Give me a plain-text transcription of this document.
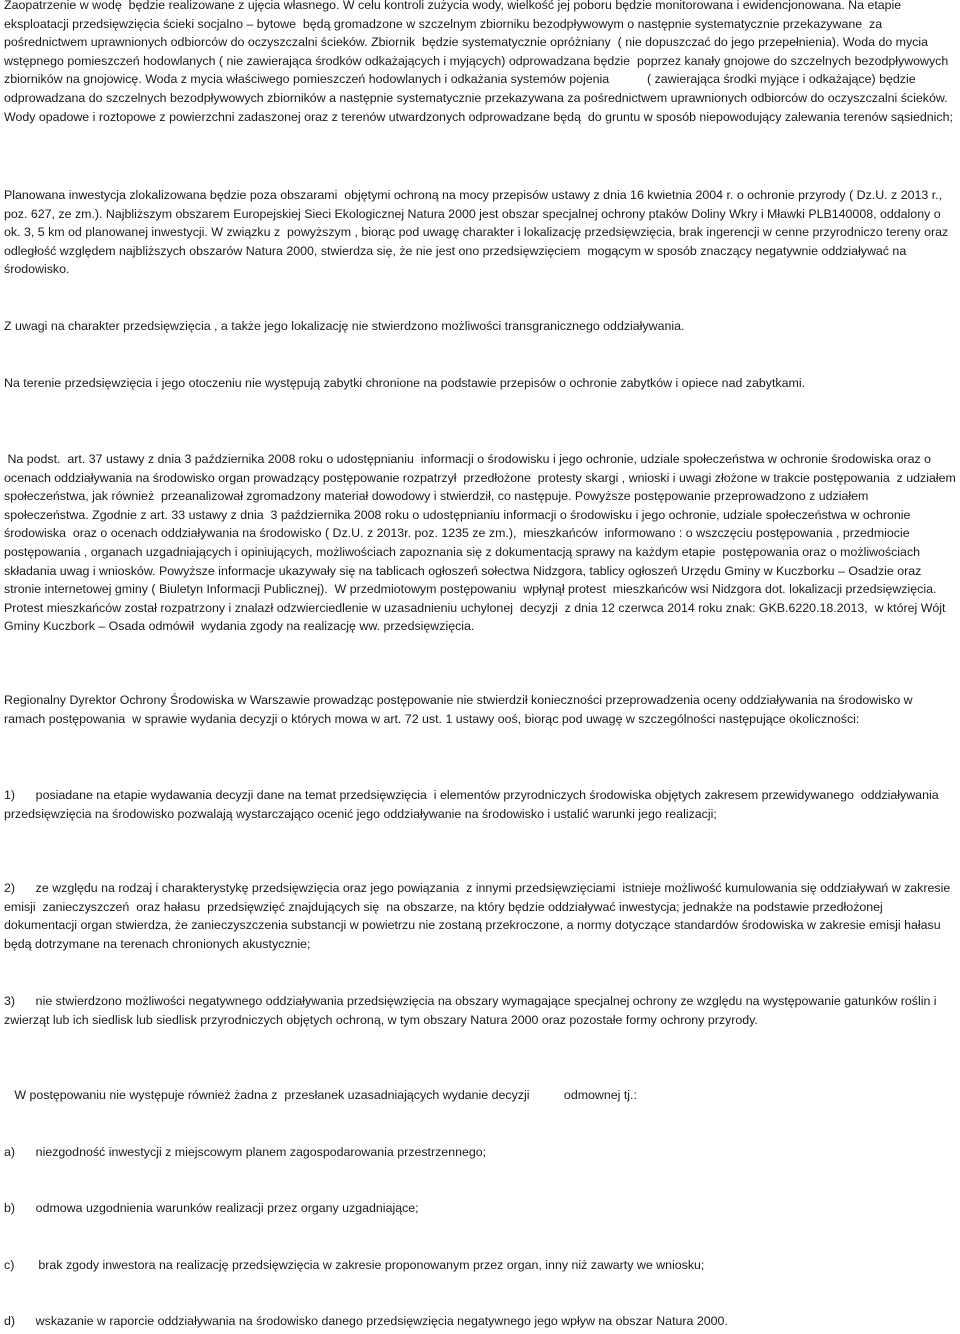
Zaopatrzenie w wodę  będzie realizowane z ujęcia własnego. W celu kontroli zużycia wody, wielkość jej poboru będzie monitorowana i ewidencjonowana. Na etapie eksploatacji przedsięwzięcia ścieki socjalno – bytowe  będą gromadzone w szczelnym zbiorniku bezodpływowym o następnie systematycznie przekazywane  za pośrednictwem uprawnionych odbiorców do oczyszczalni ścieków. Zbiornik  będzie systematycznie opróżniany  ( nie dopuszczać do jego przepełnienia). Woda do mycia wstępnego pomieszczeń hodowlanych ( nie zawierająca środków odkażających i myjących) odprowadzana będzie  poprzez kanały gnojowe do szczelnych bezodpływowych zbiorników na gnojowicę. Woda z mycia właściwego pomieszczeń hodowlanych i odkażania systemów pojenia           ( zawierająca środki myjące i odkażające) będzie  odprowadzana do szczelnych bezodpływowych zbiorników a następnie systematycznie przekazywana za pośrednictwem uprawnionych odbiorców do oczyszczalni ścieków.  Wody opadowe i roztopowe z powierzchni zadaszonej oraz z terenów utwardzonych odprowadzane będą  do gruntu w sposób niepowodujący zalewania terenów sąsiednich;

Planowana inwestycja zlokalizowana będzie poza obszarami  objętymi ochroną na mocy przepisów ustawy z dnia 16 kwietnia 2004 r. o ochronie przyrody ( Dz.U. z 2013 r., poz. 627, ze zm.). Najbliższym obszarem Europejskiej Sieci Ekologicznej Natura 2000 jest obszar specjalnej ochrony ptaków Doliny Wkry i Mławki PLB140008, oddalony o ok. 3, 5 km od planowanej inwestycji. W związku z  powyższym , biorąc pod uwagę charakter i lokalizację przedsięwzięcia, brak ingerencji w cenne przyrodniczo tereny oraz odległość względem najbliższych obszarów Natura 2000, stwierdza się, że nie jest ono przedsięwzięciem  mogącym w sposób znaczący negatywnie oddziaływać na środowisko.

Z uwagi na charakter przedsięwzięcia , a także jego lokalizację nie stwierdzono możliwości transgranicznego oddziaływania.

Na terenie przedsięwzięcia i jego otoczeniu nie występują zabytki chronione na podstawie przepisów o ochronie zabytków i opiece nad zabytkami.

Na podst.  art. 37 ustawy z dnia 3 października 2008 roku o udostępnianiu  informacji o środowisku i jego ochronie, udziale społeczeństwa w ochronie środowiska oraz o ocenach oddziaływania na środowisko organ prowadzący postępowanie rozpatrzył  przedłożone  protesty skargi , wnioski i uwagi złożone w trakcie postępowania  z udziałem społeczeństwa, jak również  przeanalizował zgromadzony materiał dowodowy i stwierdził, co następuje. Powyższe postępowanie przeprowadzono z udziałem społeczeństwa. Zgodnie z art. 33 ustawy z dnia  3 października 2008 roku o udostępnianiu informacji o środowisku i jego ochronie, udziale społeczeństwa w ochronie środowiska  oraz o ocenach oddziaływania na środowisko ( Dz.U. z 2013r. poz. 1235 ze zm.),  mieszkańców  informowano : o wszczęciu postępowania , przedmiocie postępowania , organach uzgadniających i opiniujących, możliwościach zapoznania się z dokumentacją sprawy na każdym etapie  postępowania oraz o możliwościach składania uwag i wniosków. Powyższe informacje ukazywały się na tablicach ogłoszeń sołectwa Nidzgora, tablicy ogłoszeń Urzędu Gminy w Kuczborku – Osadzie oraz stronie internetowej gminy ( Biuletyn Informacji Publicznej).  W przedmiotowym postępowaniu  wpłynął protest  mieszkańców wsi Nidzgora dot. lokalizacji przedsięwzięcia. Protest mieszkańców został rozpatrzony i znalazł odzwierciedlenie w uzasadnieniu uchylonej  decyzji  z dnia 12 czerwca 2014 roku znak: GKB.6220.18.2013,  w której Wójt Gminy Kuczbork – Osada odmówił  wydania zgody na realizację ww. przedsięwzięcia.

Regionalny Dyrektor Ochrony Środowiska w Warszawie prowadząc postępowanie nie stwierdził konieczności przeprowadzenia oceny oddziaływania na środowisko w ramach postępowania  w sprawie wydania decyzji o których mowa w art. 72 ust. 1 ustawy ooś, biorąc pod uwagę w szczególności następujące okoliczności:

1)      posiadane na etapie wydawania decyzji dane na temat przedsięwzięcia  i elementów przyrodniczych środowiska objętych zakresem przewidywanego  oddziaływania przedsięwzięcia na środowisko pozwalają wystarczająco ocenić jego oddziaływanie na środowisko i ustalić warunki jego realizacji;

2)      ze względu na rodzaj i charakterystykę przedsięwzięcia oraz jego powiązania  z innymi przedsięwzięciami  istnieje możliwość kumulowania się oddziaływań w zakresie emisji  zanieczyszczeń  oraz hałasu  przedsięwzięć znajdujących się  na obszarze, na który będzie oddziaływać inwestycja; jednakże na podstawie przedłożonej dokumentacji organ stwierdza, że zanieczyszczenia substancji w powietrzu nie zostaną przekroczone, a normy dotyczące standardów środowiska w zakresie emisji hałasu będą dotrzymane na terenach chronionych akustycznie;

3)      nie stwierdzono możliwości negatywnego oddziaływania przedsięwzięcia na obszary wymagające specjalnej ochrony ze względu na występowanie gatunków roślin i zwierząt lub ich siedlisk lub siedlisk przyrodniczych objętych ochroną, w tym obszary Natura 2000 oraz pozostałe formy ochrony przyrody.

W postępowaniu nie występuje również żadna z  przesłanek uzasadniających wydanie decyzji          odmownej tj.:

a)      niezgodność inwestycji z miejscowym planem zagospodarowania przestrzennego;

b)      odmowa uzgodnienia warunków realizacji przez organy uzgadniające;

c)       brak zgody inwestora na realizację przedsięwzięcia w zakresie proponowanym przez organ, inny niż zawarty we wniosku;

d)      wskazanie w raporcie oddziaływania na środowisko danego przedsięwzięcia negatywnego jego wpływ na obszar Natura 2000.
